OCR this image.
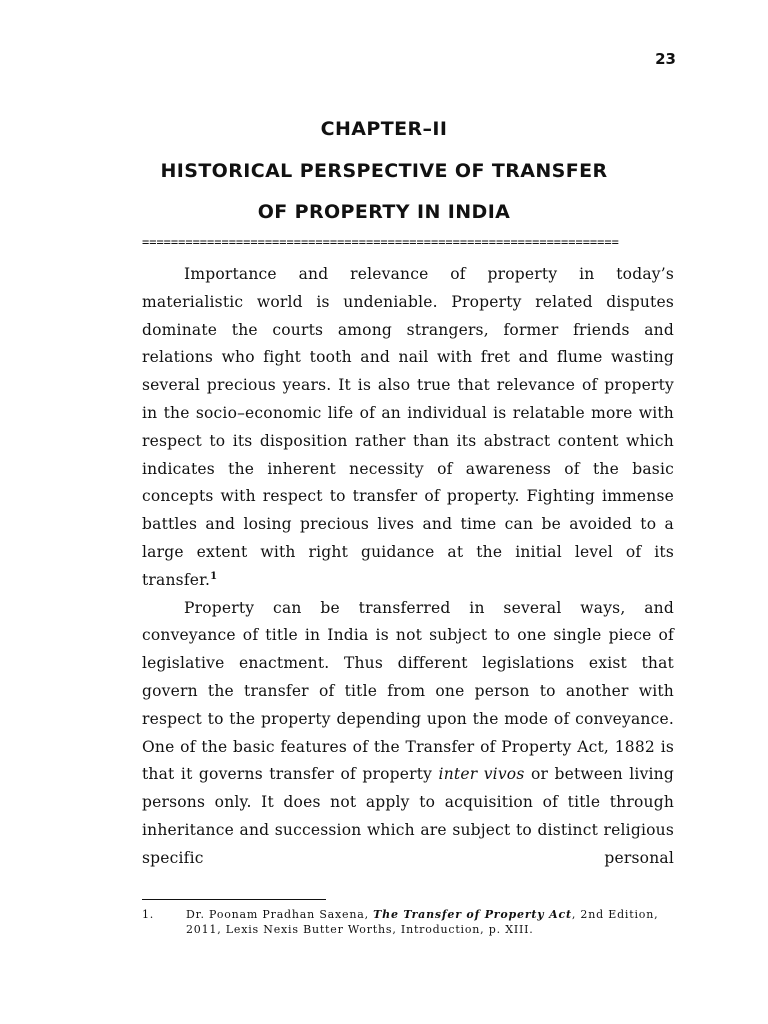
23
CHAPTER–II
HISTORICAL PERSPECTIVE OF TRANSFER
OF PROPERTY IN INDIA
==================================================================

Importance and relevance of property in today’s materialistic world is undeniable. Property related disputes dominate the courts among strangers, former friends and relations who fight tooth and nail with fret and flume wasting several precious years. It is also true that relevance of property in the socio–economic life of an individual is relatable more with respect to its disposition rather than its abstract content which indicates the inherent necessity of awareness of the basic concepts with respect to transfer of property. Fighting immense battles and losing precious lives and time can be avoided to a large extent with right guidance at the initial level of its transfer.$^1$

Property can be transferred in several ways, and conveyance of title in India is not subject to one single piece of legislative enactment. Thus different legislations exist that govern the transfer of title from one person to another with respect to the property depending upon the mode of conveyance. One of the basic features of the Transfer of Property Act, 1882 is that it governs transfer of property inter vivos or between living persons only. It does not apply to acquisition of title through inheritance and succession which are subject to distinct religious specific personal

1.	Dr. Poonam Pradhan Saxena, The Transfer of Property Act, 2nd Edition, 2011, Lexis Nexis Butter Worths, Introduction, p. XIII.
